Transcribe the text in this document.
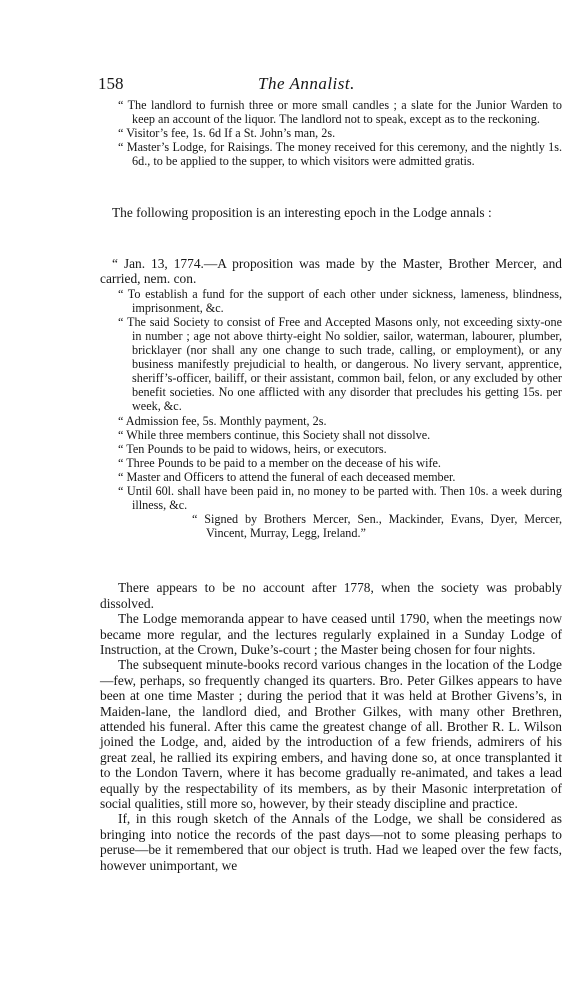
158	The Annalist.

“ The landlord to furnish three or more small candles ; a slate for the Junior Warden to keep an account of the liquor. The landlord not to speak, except as to the reckoning.

“ Visitor’s fee, 1s. 6d If a St. John’s man, 2s.

“ Master’s Lodge, for Raisings. The money received for this ceremony, and the nightly 1s. 6d., to be applied to the supper, to which visitors were admitted gratis.

The following proposition is an interesting epoch in the Lodge annals :

“ Jan. 13, 1774.—A proposition was made by the Master, Brother Mercer, and carried, nem. con.

“ To establish a fund for the support of each other under sickness, lameness, blindness, imprisonment, &c.

“ The said Society to consist of Free and Accepted Masons only, not exceeding sixty-one in number ; age not above thirty-eight No soldier, sailor, waterman, labourer, plumber, bricklayer (nor shall any one change to such trade, calling, or employment), or any business manifestly prejudicial to health, or dangerous. No livery servant, apprentice, sheriff’s-officer, bailiff, or their assistant, common bail, felon, or any excluded by other benefit societies. No one afflicted with any disorder that precludes his getting 15s. per week, &c.

“ Admission fee, 5s. Monthly payment, 2s.

“ While three members continue, this Society shall not dissolve.

“ Ten Pounds to be paid to widows, heirs, or executors.

“ Three Pounds to be paid to a member on the decease of his wife.

“ Master and Officers to attend the funeral of each deceased member.

“ Until 60l. shall have been paid in, no money to be parted with. Then 10s. a week during illness, &c.

“ Signed by Brothers Mercer, Sen., Mackinder, Evans, Dyer, Mercer, Vincent, Murray, Legg, Ireland.”

There appears to be no account after 1778, when the society was probably dissolved.

The Lodge memoranda appear to have ceased until 1790, when the meetings now became more regular, and the lectures regularly explained in a Sunday Lodge of Instruction, at the Crown, Duke’s-court ; the Master being chosen for four nights.

The subsequent minute-books record various changes in the location of the Lodge—few, perhaps, so frequently changed its quarters. Bro. Peter Gilkes appears to have been at one time Master ; during the period that it was held at Brother Givens’s, in Maiden-lane, the landlord died, and Brother Gilkes, with many other Brethren, attended his funeral. After this came the greatest change of all. Brother R. L. Wilson joined the Lodge, and, aided by the introduction of a few friends, admirers of his great zeal, he rallied its expiring embers, and having done so, at once transplanted it to the London Tavern, where it has become gradually re-animated, and takes a lead equally by the respectability of its members, as by their Masonic interpretation of social qualities, still more so, however, by their steady discipline and practice.

If, in this rough sketch of the Annals of the Lodge, we shall be considered as bringing into notice the records of the past days—not to some pleasing perhaps to peruse—be it remembered that our object is truth. Had we leaped over the few facts, however unimportant, we
